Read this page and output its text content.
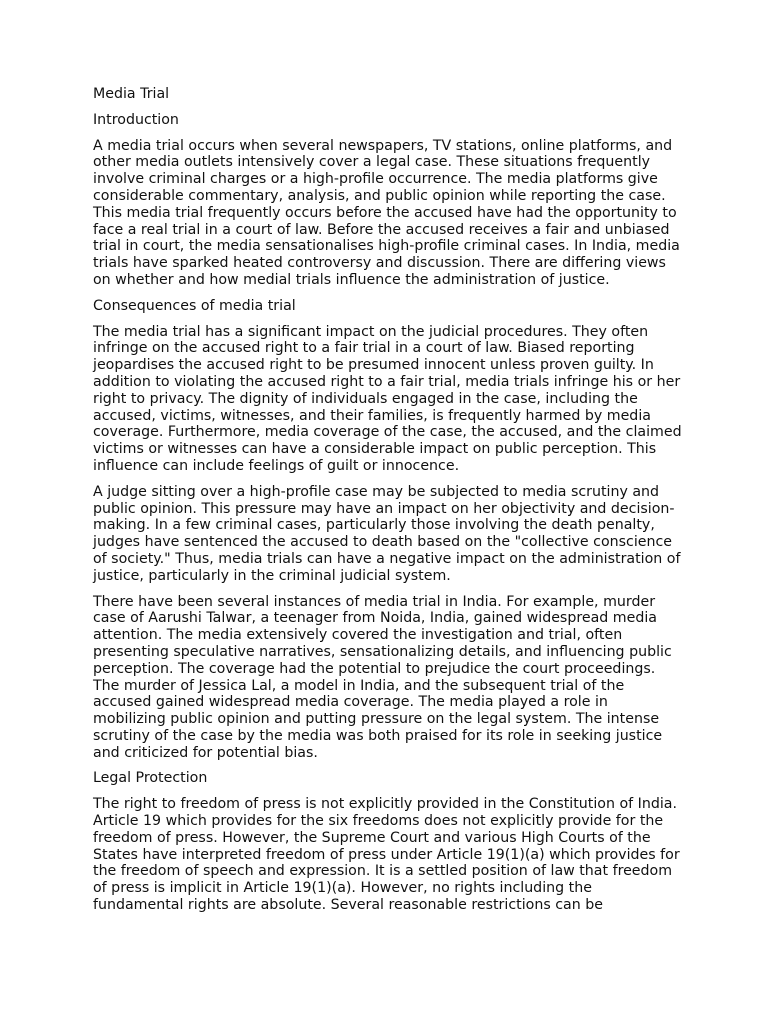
Media Trial

Introduction

A media trial occurs when several newspapers, TV stations, online platforms, and other media outlets intensively cover a legal case. These situations frequently involve criminal charges or a high-profile occurrence. The media platforms give considerable commentary, analysis, and public opinion while reporting the case. This media trial frequently occurs before the accused have had the opportunity to face a real trial in a court of law. Before the accused receives a fair and unbiased trial in court, the media sensationalises high-profile criminal cases. In India, media trials have sparked heated controversy and discussion. There are differing views on whether and how medial trials influence the administration of justice.

Consequences of media trial

The media trial has a significant impact on the judicial procedures. They often infringe on the accused right to a fair trial in a court of law. Biased reporting jeopardises the accused right to be presumed innocent unless proven guilty. In addition to violating the accused right to a fair trial, media trials infringe his or her right to privacy. The dignity of individuals engaged in the case, including the accused, victims, witnesses, and their families, is frequently harmed by media coverage. Furthermore, media coverage of the case, the accused, and the claimed victims or witnesses can have a considerable impact on public perception. This influence can include feelings of guilt or innocence.

A judge sitting over a high-profile case may be subjected to media scrutiny and public opinion. This pressure may have an impact on her objectivity and decision-making. In a few criminal cases, particularly those involving the death penalty, judges have sentenced the accused to death based on the "collective conscience of society." Thus, media trials can have a negative impact on the administration of justice, particularly in the criminal judicial system.

There have been several instances of media trial in India. For example, murder case of Aarushi Talwar, a teenager from Noida, India, gained widespread media attention. The media extensively covered the investigation and trial, often presenting speculative narratives, sensationalizing details, and influencing public perception. The coverage had the potential to prejudice the court proceedings. The murder of Jessica Lal, a model in India, and the subsequent trial of the accused gained widespread media coverage. The media played a role in mobilizing public opinion and putting pressure on the legal system. The intense scrutiny of the case by the media was both praised for its role in seeking justice and criticized for potential bias.

Legal Protection

The right to freedom of press is not explicitly provided in the Constitution of India. Article 19 which provides for the six freedoms does not explicitly provide for the freedom of press. However, the Supreme Court and various High Courts of the States have interpreted freedom of press under Article 19(1)(a) which provides for the freedom of speech and expression. It is a settled position of law that freedom of press is implicit in Article 19(1)(a). However, no rights including the fundamental rights are absolute. Several reasonable restrictions can be
